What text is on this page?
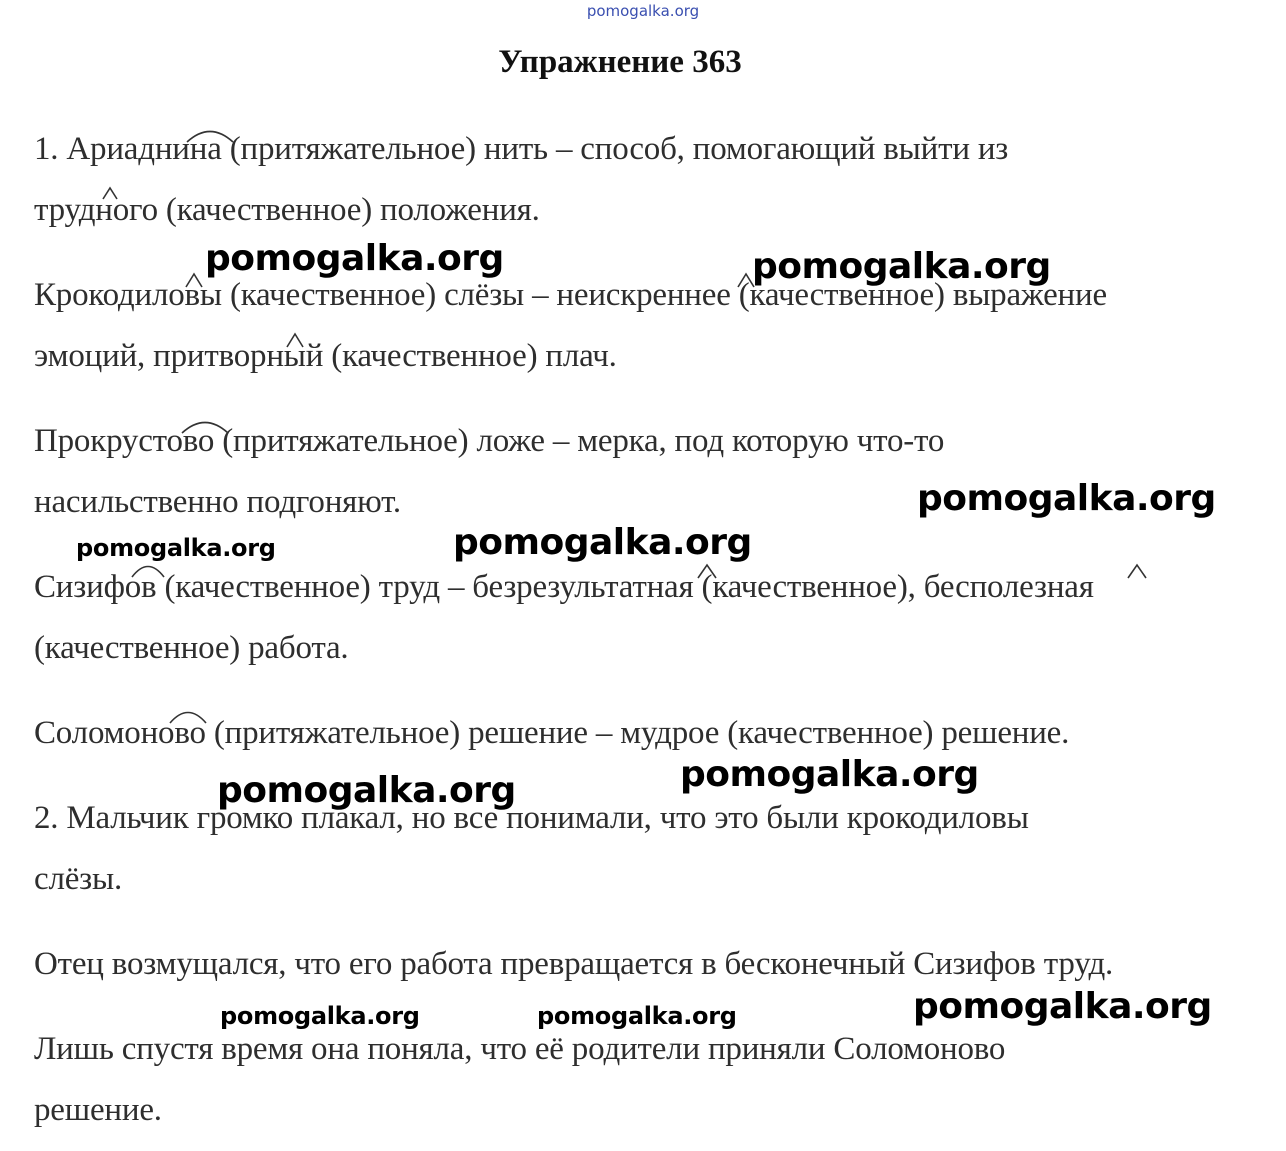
pomogalka.org
Упражнение 363
1. Ариаднина (притяжательное) нить – способ, помогающий выйти из
трудного (качественное) положения.
Крокодиловы (качественное) слёзы – неискреннее (качественное) выражение
эмоций, притворный (качественное) плач.
Прокрустово (притяжательное) ложе – мерка, под которую что-то
насильственно подгоняют.
Сизифов (качественное) труд – безрезультатная (качественное), бесполезная
(качественное) работа.
Соломоново (притяжательное) решение – мудрое (качественное) решение.
2. Мальчик громко плакал, но все понимали, что это были крокодиловы
слёзы.
Отец возмущался, что его работа превращается в бесконечный Сизифов труд.
Лишь спустя время она поняла, что её родители приняли Соломоново
решение.
pomogalka.org	pomogalka.org
pomogalka.org
pomogalka.org	pomogalka.org
pomogalka.org
pomogalka.org
pomogalka.org
pomogalka.org	pomogalka.org
